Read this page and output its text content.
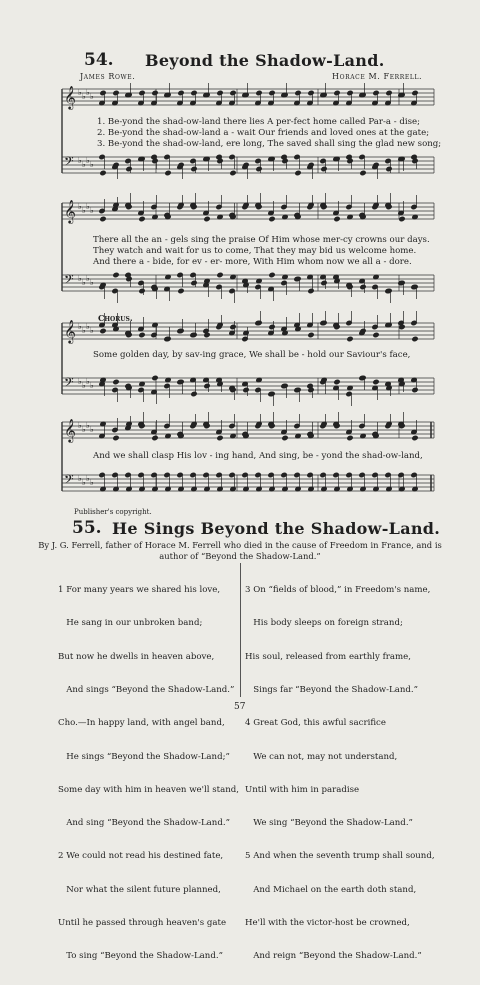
54. Beyond the Shadow-Land.
James Rowe.	Horace M. Ferrell.
𝄞 ♭ ♭ ♭ ♭
𝄢 ♭ ♭ ♭ ♭
𝄞 ♭ ♭ ♭ ♭
𝄢 ♭ ♭ ♭ ♭
𝄞 ♭ ♭ ♭ ♭
𝄢 ♭ ♭ ♭ ♭
𝄞 ♭ ♭ ♭ ♭
𝄢 ♭ ♭ ♭ ♭
1. Be-yond the shad-ow-land there lies A per-fect home called Par-a - dise;
2. Be-yond the shad-ow-land a - wait Our friends and loved ones at the gate;
3. Be-yond the shad-ow-land, ere long, The saved shall sing the glad new song;
There all the an - gels sing the praise Of Him whose mer-cy crowns our days.
They watch and wait for us to come, That they may bid us welcome home.
And there a - bide, for ev - er- more, With Him whom now we all a - dore.
Chorus.
Some golden day, by sav-ing grace, We shall be - hold our Saviour's face,
And we shall clasp His lov - ing hand, And sing, be - yond the shad-ow-land,
Publisher's copyright.
55. He Sings Beyond the Shadow-Land.
By J. G. Ferrell, father of Horace M. Ferrell who died in the cause of Freedom in France, and is author of “Beyond the Shadow-Land.”

1 For many years we shared his love,

He sang in our unbroken band;

But now he dwells in heaven above,

And sings “Beyond the Shadow-Land.”

Cho.—In happy land, with angel band,

He sings “Beyond the Shadow-Land;”

Some day with him in heaven we'll stand,

And sing “Beyond the Shadow-Land.”

2 We could not read his destined fate,

Nor what the silent future planned,

Until he passed through heaven's gate

To sing “Beyond the Shadow-Land.”

3 On “fields of blood,” in Freedom's name,

His body sleeps on foreign strand;

His soul, released from earthly frame,

Sings far “Beyond the Shadow-Land.”

4 Great God, this awful sacrifice

We can not, may not understand,

Until with him in paradise

We sing “Beyond the Shadow-Land.”

5 And when the seventh trump shall sound,

And Michael on the earth doth stand,

He'll with the victor-host be crowned,

And reign “Beyond the Shadow-Land.”

57
